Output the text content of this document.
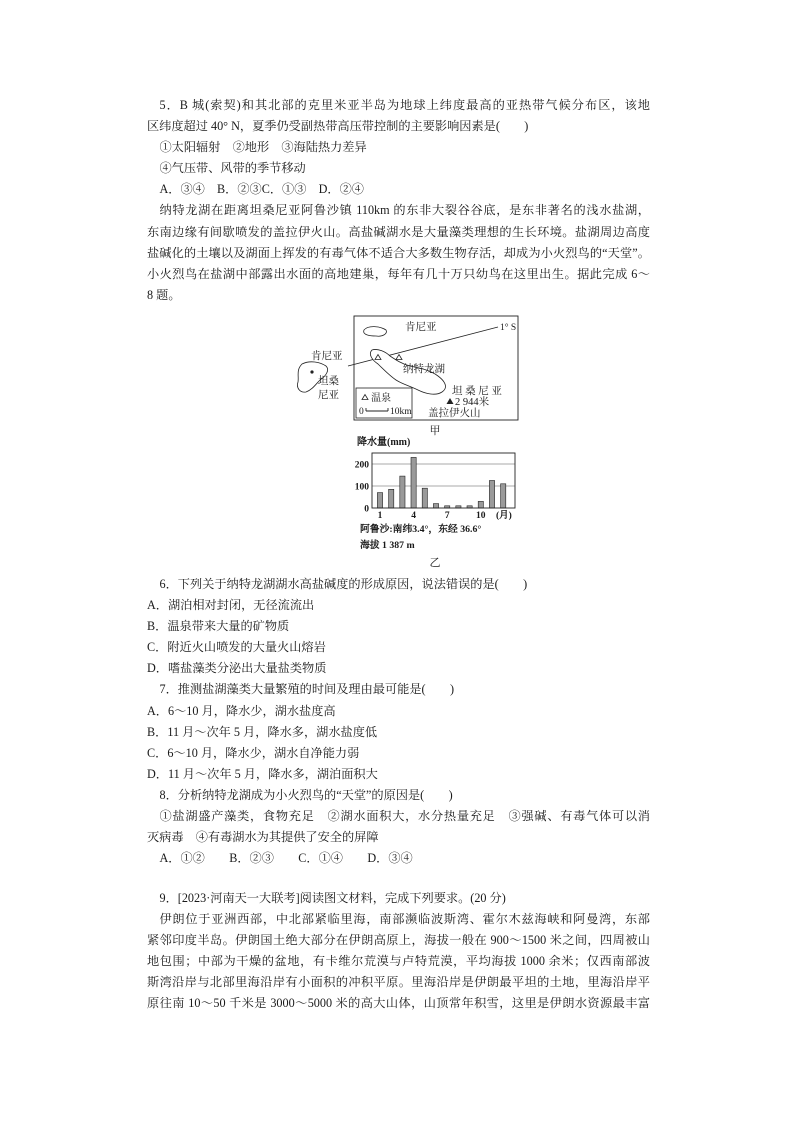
5．B 城(索契)和其北部的克里米亚半岛为地球上纬度最高的亚热带气候分布区，该地
区纬度超过 40° N，夏季仍受副热带高压带控制的主要影响因素是(　　)
①太阳辐射　②地形　③海陆热力差异
④气压带、风带的季节移动
A．③④　B．②③C．①③　D．②④
纳特龙湖在距离坦桑尼亚阿鲁沙镇 110km 的东非大裂谷谷底，是东非著名的浅水盐湖，
东南边缘有间歇喷发的盖拉伊火山。高盐碱湖水是大量藻类理想的生长环境。盐湖周边高度
盐碱化的土壤以及湖面上挥发的有毒气体不适合大多数生物存活，却成为小火烈鸟的“天堂”。
小火烈鸟在盐湖中部露出水面的高地建巢，每年有几十万只幼鸟在这里出生。据此完成 6～
8 题。
肯尼亚
坦桑
尼亚
1° S
肯尼亚
纳特龙湖
坦 桑 尼 亚
2 944米
盖拉伊火山
温泉
0	10km
甲
降水量(mm)
0
100
200
1	4	7	10 (月)
阿鲁沙:南纬3.4°，东经 36.6°
海拔 1 387 m
乙
6．下列关于纳特龙湖湖水高盐碱度的形成原因，说法错误的是(　　)
A．湖泊相对封闭，无径流流出
B．温泉带来大量的矿物质
C．附近火山喷发的大量火山熔岩
D．嗜盐藻类分泌出大量盐类物质
7．推测盐湖藻类大量繁殖的时间及理由最可能是(　　)
A．6～10 月，降水少，湖水盐度高
B．11 月～次年 5 月，降水多，湖水盐度低
C．6～10 月，降水少，湖水自净能力弱
D．11 月～次年 5 月，降水多，湖泊面积大
8．分析纳特龙湖成为小火烈鸟的“天堂”的原因是(　　)
①盐湖盛产藻类，食物充足　②湖水面积大，水分热量充足　③强碱、有毒气体可以消
灭病毒　④有毒湖水为其提供了安全的屏障
A．①②　　B．②③　　C．①④　　D．③④
9．[2023·河南天一大联考]阅读图文材料，完成下列要求。(20 分)
伊朗位于亚洲西部，中北部紧临里海，南部濒临波斯湾、霍尔木兹海峡和阿曼湾，东部
紧邻印度半岛。伊朗国土绝大部分在伊朗高原上，海拔一般在 900～1500 米之间，四周被山
地包围；中部为干燥的盆地，有卡维尔荒漠与卢特荒漠，平均海拔 1000 余米；仅西南部波
斯湾沿岸与北部里海沿岸有小面积的冲积平原。里海沿岸是伊朗最平坦的土地，里海沿岸平
原往南 10～50 千米是 3000～5000 米的高大山体，山顶常年积雪，这里是伊朗水资源最丰富
